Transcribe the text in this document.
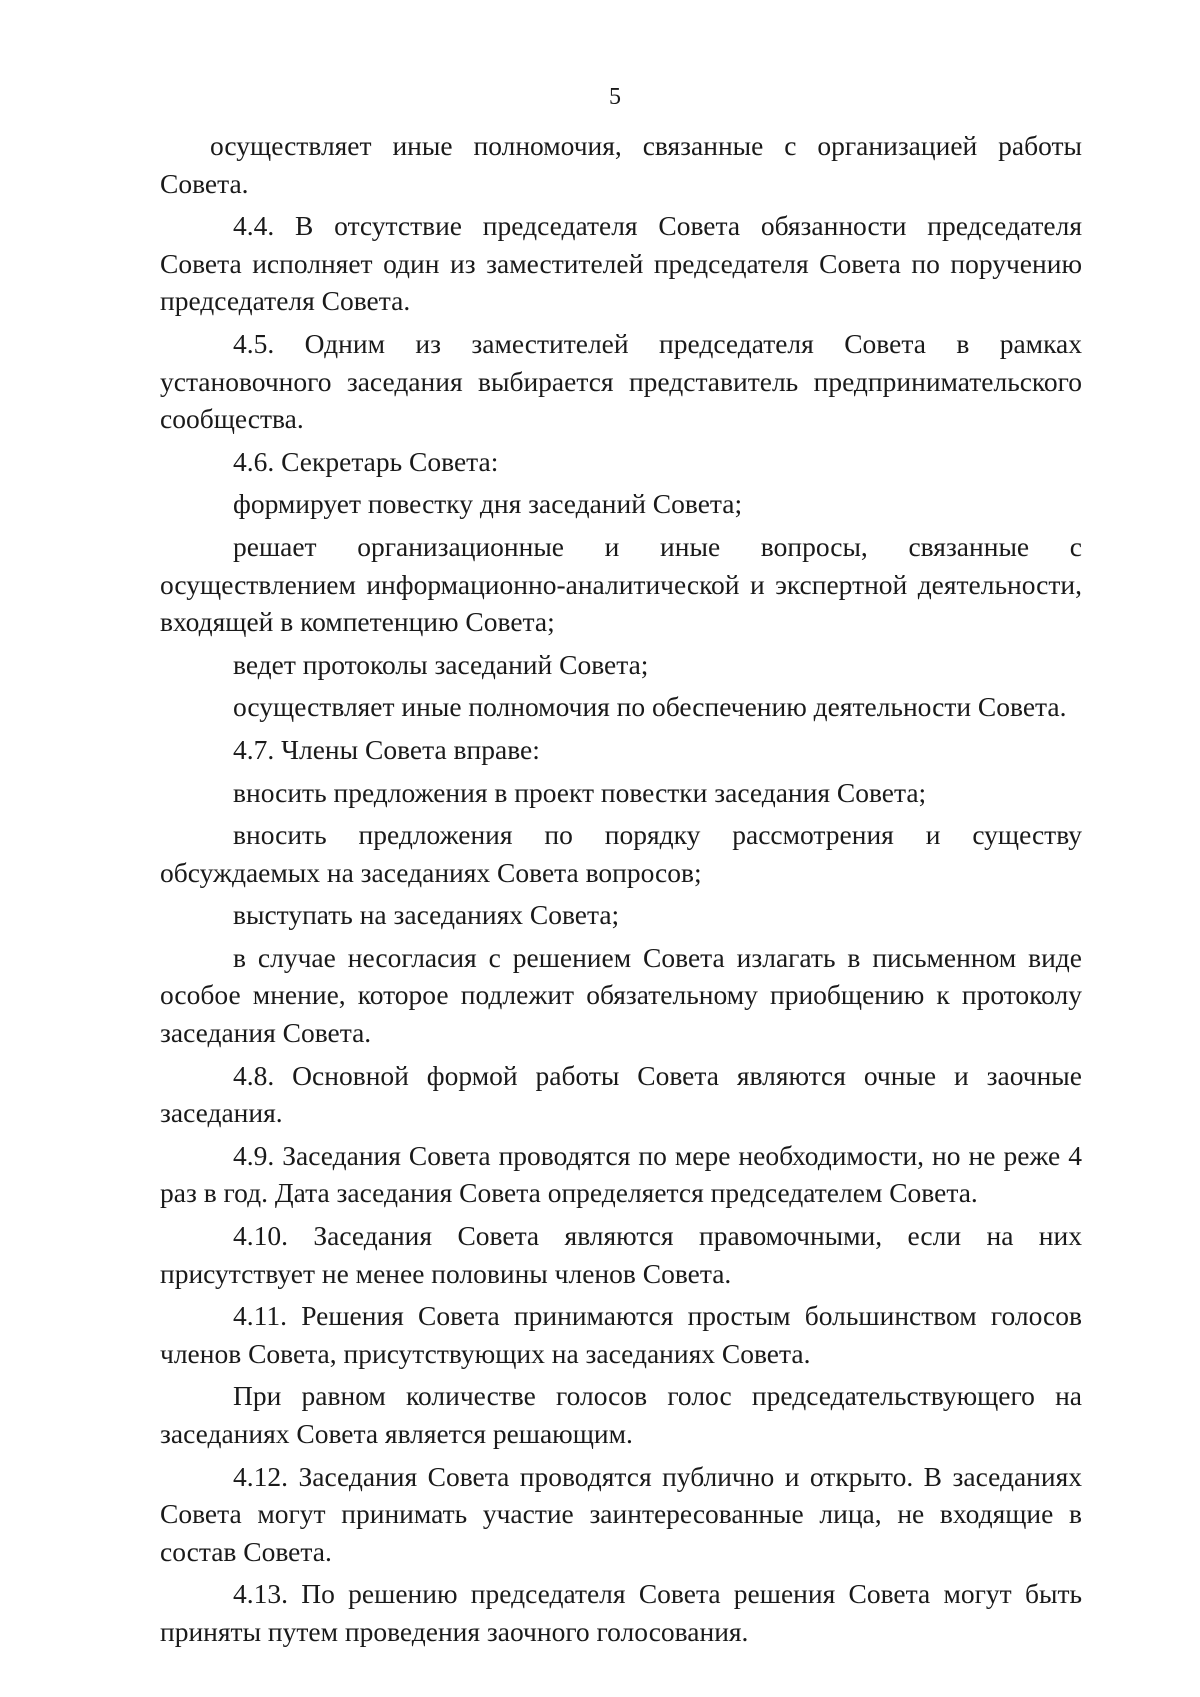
5

осуществляет иные полномочия, связанные с организацией работы Совета.

4.4. В отсутствие председателя Совета обязанности председателя Совета исполняет один из заместителей председателя Совета по поручению председателя Совета.

4.5. Одним из заместителей председателя Совета в рамках установочного заседания выбирается представитель предпринимательского сообщества.

4.6. Секретарь Совета:

формирует повестку дня заседаний Совета;

решает организационные и иные вопросы, связанные с осуществлением информационно-аналитической и экспертной деятельности, входящей в компетенцию Совета;

ведет протоколы заседаний Совета;

осуществляет иные полномочия по обеспечению деятельности Совета.

4.7. Члены Совета вправе:

вносить предложения в проект повестки заседания Совета;

вносить предложения по порядку рассмотрения и существу обсуждаемых на заседаниях Совета вопросов;

выступать на заседаниях Совета;

в случае несогласия с решением Совета излагать в письменном виде особое мнение, которое подлежит обязательному приобщению к протоколу заседания Совета.

4.8. Основной формой работы Совета являются очные и заочные заседания.

4.9. Заседания Совета проводятся по мере необходимости, но не реже 4 раз в год. Дата заседания Совета определяется председателем Совета.

4.10. Заседания Совета являются правомочными, если на них присутствует не менее половины членов Совета.

4.11. Решения Совета принимаются простым большинством голосов членов Совета, присутствующих на заседаниях Совета.

При равном количестве голосов голос председательствующего на заседаниях Совета является решающим.

4.12. Заседания Совета проводятся публично и открыто. В заседаниях Совета могут принимать участие заинтересованные лица, не входящие в состав Совета.

4.13. По решению председателя Совета решения Совета могут быть приняты путем проведения заочного голосования.
